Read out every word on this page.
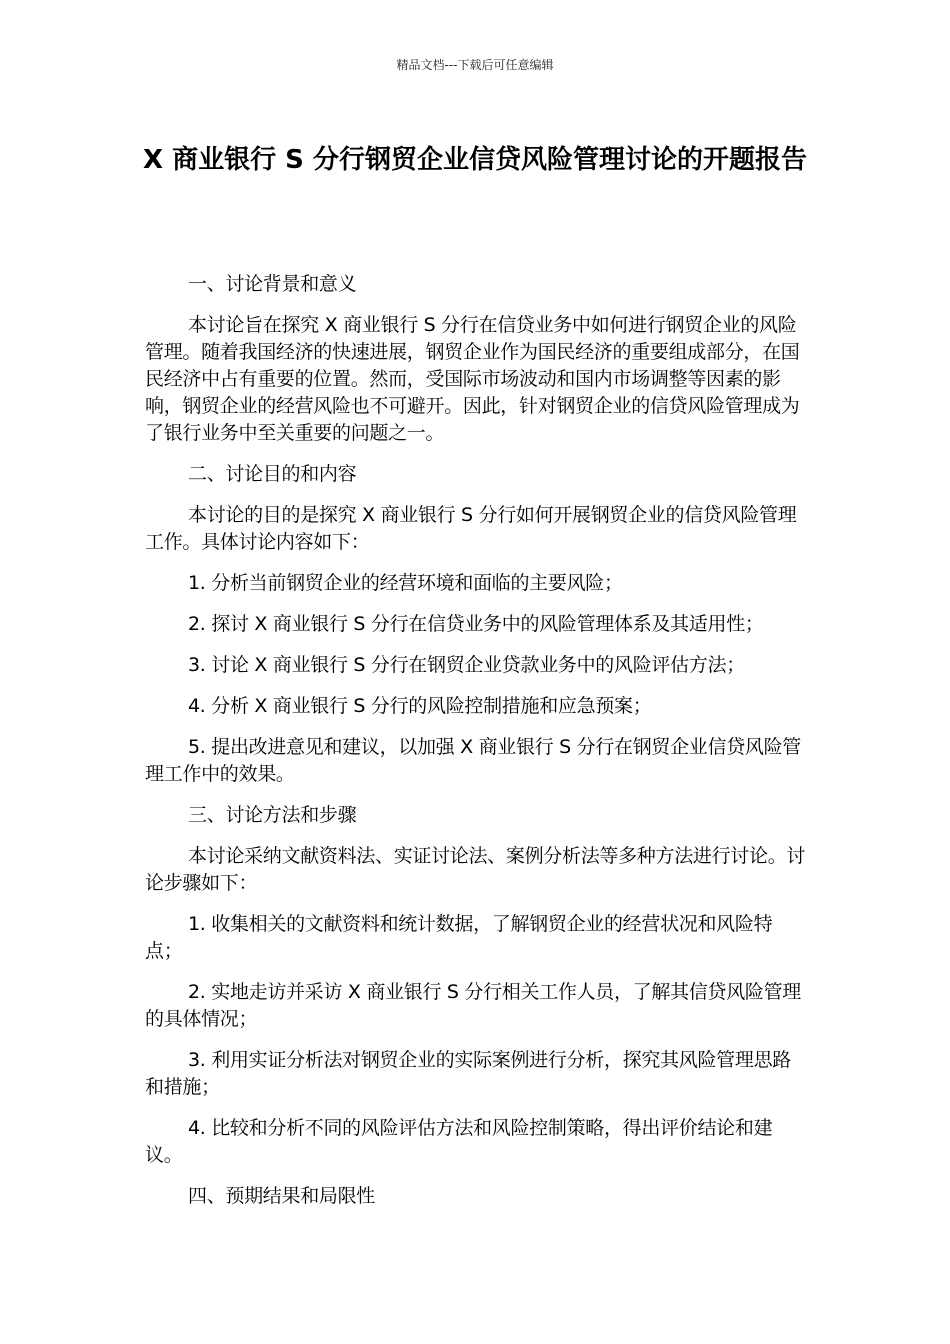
精品文档---下载后可任意编辑
X 商业银行 S 分行钢贸企业信贷风险管理讨论的开题报告

一、讨论背景和意义

本讨论旨在探究 X 商业银行 S 分行在信贷业务中如何进行钢贸企业的风险管理。随着我国经济的快速进展，钢贸企业作为国民经济的重要组成部分，在国民经济中占有重要的位置。然而，受国际市场波动和国内市场调整等因素的影响，钢贸企业的经营风险也不可避开。因此，针对钢贸企业的信贷风险管理成为了银行业务中至关重要的问题之一。

二、讨论目的和内容

本讨论的目的是探究 X 商业银行 S 分行如何开展钢贸企业的信贷风险管理工作。具体讨论内容如下：

1. 分析当前钢贸企业的经营环境和面临的主要风险；

2. 探讨 X 商业银行 S 分行在信贷业务中的风险管理体系及其适用性；

3. 讨论 X 商业银行 S 分行在钢贸企业贷款业务中的风险评估方法；

4. 分析 X 商业银行 S 分行的风险控制措施和应急预案；

5. 提出改进意见和建议，以加强 X 商业银行 S 分行在钢贸企业信贷风险管理工作中的效果。

三、讨论方法和步骤

本讨论采纳文献资料法、实证讨论法、案例分析法等多种方法进行讨论。讨论步骤如下：

1. 收集相关的文献资料和统计数据，了解钢贸企业的经营状况和风险特点；

2. 实地走访并采访 X 商业银行 S 分行相关工作人员，了解其信贷风险管理的具体情况；

3. 利用实证分析法对钢贸企业的实际案例进行分析，探究其风险管理思路和措施；

4. 比较和分析不同的风险评估方法和风险控制策略，得出评价结论和建议。

四、预期结果和局限性
